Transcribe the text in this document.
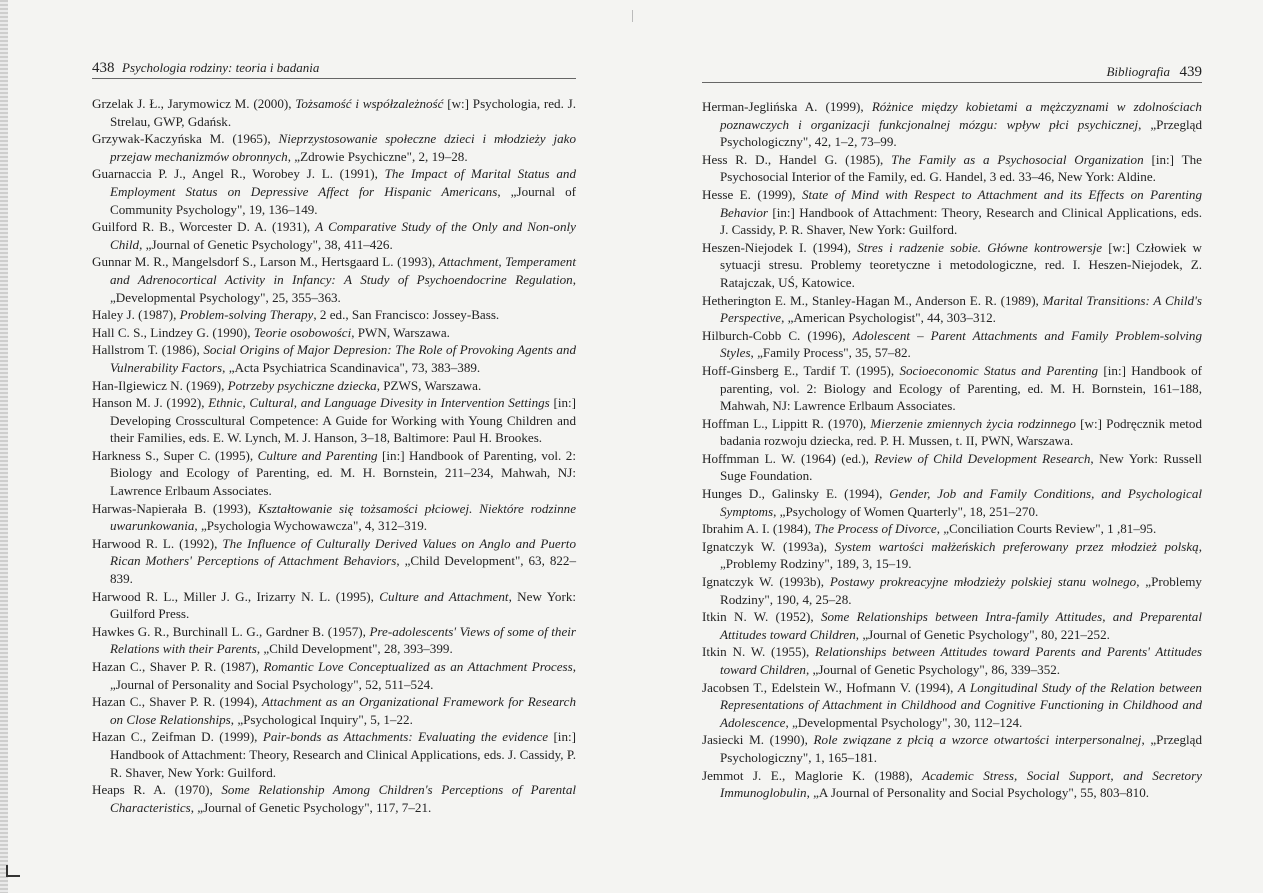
438 Psychologia rodziny: teoria i badania

Grzelak J. Ł., Jarymowicz M. (2000), Tożsamość i współzależność [w:] Psychologia, red. J. Strelau, GWP, Gdańsk.

Grzywak-Kaczyńska M. (1965), Nieprzystosowanie społeczne dzieci i młodzieży jako przejaw mechanizmów obronnych, „Zdrowie Psychiczne", 2, 19–28.

Guarnaccia P. J., Angel R., Worobey J. L. (1991), The Impact of Marital Status and Employment Status on Depressive Affect for Hispanic Americans, „Journal of Community Psychology", 19, 136–149.

Guilford R. B., Worcester D. A. (1931), A Comparative Study of the Only and Non-only Child, „Journal of Genetic Psychology", 38, 411–426.

Gunnar M. R., Mangelsdorf S., Larson M., Hertsgaard L. (1993), Attachment, Temperament and Adrenocortical Activity in Infancy: A Study of Psychoendocrine Regulation, „Developmental Psychology", 25, 355–363.

Haley J. (1987), Problem-solving Therapy, 2 ed., San Francisco: Jossey-Bass.

Hall C. S., Lindzey G. (1990), Teorie osobowości, PWN, Warszawa.

Hallstrom T. (1986), Social Origins of Major Depresion: The Role of Provoking Agents and Vulnerability Factors, „Acta Psychiatrica Scandinavica", 73, 383–389.

Han-Ilgiewicz N. (1969), Potrzeby psychiczne dziecka, PZWS, Warszawa.

Hanson M. J. (1992), Ethnic, Cultural, and Language Divesity in Intervention Settings [in:] Developing Crosscultural Competence: A Guide for Working with Young Children and their Families, eds. E. W. Lynch, M. J. Hanson, 3–18, Baltimore: Paul H. Brookes.

Harkness S., Super C. (1995), Culture and Parenting [in:] Handbook of Parenting, vol. 2: Biology and Ecology of Parenting, ed. M. H. Bornstein, 211–234, Mahwah, NJ: Lawrence Erlbaum Associates.

Harwas-Napierała B. (1993), Kształtowanie się tożsamości płciowej. Niektóre rodzinne uwarunkowania, „Psychologia Wychowawcza", 4, 312–319.

Harwood R. L. (1992), The Influence of Culturally Derived Values on Anglo and Puerto Rican Mothers' Perceptions of Attachment Behaviors, „Child Development", 63, 822–839.

Harwood R. L., Miller J. G., Irizarry N. L. (1995), Culture and Attachment, New York: Guilford Press.

Hawkes G. R., Burchinall L. G., Gardner B. (1957), Pre-adolescents' Views of some of their Relations with their Parents, „Child Development", 28, 393–399.

Hazan C., Shaver P. R. (1987), Romantic Love Conceptualized as an Attachment Process, „Journal of Personality and Social Psychology", 52, 511–524.

Hazan C., Shaver P. R. (1994), Attachment as an Organizational Framework for Research on Close Relationships, „Psychological Inquiry", 5, 1–22.

Hazan C., Zeifman D. (1999), Pair-bonds as Attachments: Evaluating the evidence [in:] Handbook of Attachment: Theory, Research and Clinical Applications, eds. J. Cassidy, P. R. Shaver, New York: Guilford.

Heaps R. A. (1970), Some Relationship Among Children's Perceptions of Parental Characteristics, „Journal of Genetic Psychology", 117, 7–21.

Bibliografia 439

Herman-Jeglińska A. (1999), Różnice między kobietami a mężczyznami w zdolnościach poznawczych i organizacji funkcjonalnej mózgu: wpływ płci psychicznej, „Przegląd Psychologiczny", 42, 1–2, 73–99.

Hess R. D., Handel G. (1985), The Family as a Psychosocial Organization [in:] The Psychosocial Interior of the Family, ed. G. Handel, 3 ed. 33–46, New York: Aldine.

Hesse E. (1999), State of Mind with Respect to Attachment and its Effects on Parenting Behavior [in:] Handbook of Attachment: Theory, Research and Clinical Applications, eds. J. Cassidy, P. R. Shaver, New York: Guilford.

Heszen-Niejodek I. (1994), Stres i radzenie sobie. Główne kontrowersje [w:] Człowiek w sytuacji stresu. Problemy teoretyczne i metodologiczne, red. I. Heszen-Niejodek, Z. Ratajczak, UŚ, Katowice.

Hetherington E. M., Stanley-Hagan M., Anderson E. R. (1989), Marital Transitions: A Child's Perspective, „American Psychologist", 44, 303–312.

Hilburch-Cobb C. (1996), Adolescent – Parent Attachments and Family Problem-solving Styles, „Family Process", 35, 57–82.

Hoff-Ginsberg E., Tardif T. (1995), Socioeconomic Status and Parenting [in:] Handbook of parenting, vol. 2: Biology and Ecology of Parenting, ed. M. H. Bornstein, 161–188, Mahwah, NJ: Lawrence Erlbaum Associates.

Hoffman L., Lippitt R. (1970), Mierzenie zmiennych życia rodzinnego [w:] Podręcznik metod badania rozwoju dziecka, red. P. H. Mussen, t. II, PWN, Warszawa.

Hoffmman L. W. (1964) (ed.), Review of Child Development Research, New York: Russell Suge Foundation.

Hunges D., Galinsky E. (1994), Gender, Job and Family Conditions, and Psychological Symptoms, „Psychology of Women Quarterly", 18, 251–270.

Ibrahim A. I. (1984), The Process of Divorce, „Conciliation Courts Review", 1 ,81–95.

Ignatczyk W. (1993a), System wartości małżeńskich preferowany przez młodzież polską, „Problemy Rodziny", 189, 3, 15–19.

Ignatczyk W. (1993b), Postawy prokreacyjne młodzieży polskiej stanu wolnego, „Problemy Rodziny", 190, 4, 25–28.

Itkin N. W. (1952), Some Relationships between Intra-family Attitudes, and Preparental Attitudes toward Children, „Journal of Genetic Psychology", 80, 221–252.

Itkin N. W. (1955), Relationships between Attitudes toward Parents and Parents' Attitudes toward Children, „Journal of Genetic Psychology", 86, 339–352.

Jacobsen T., Edelstein W., Hofmann V. (1994), A Longitudinal Study of the Relation between Representations of Attachment in Childhood and Cognitive Functioning in Childhood and Adolescence, „Developmental Psychology", 30, 112–124.

Jasiecki M. (1990), Role związane z płcią a wzorce otwartości interpersonalnej, „Przegląd Psychologiczny", 1, 165–181.

Jemmot J. E., Maglorie K. (1988), Academic Stress, Social Support, and Secretory Immunoglobulin, „A Journal of Personality and Social Psychology", 55, 803–810.
